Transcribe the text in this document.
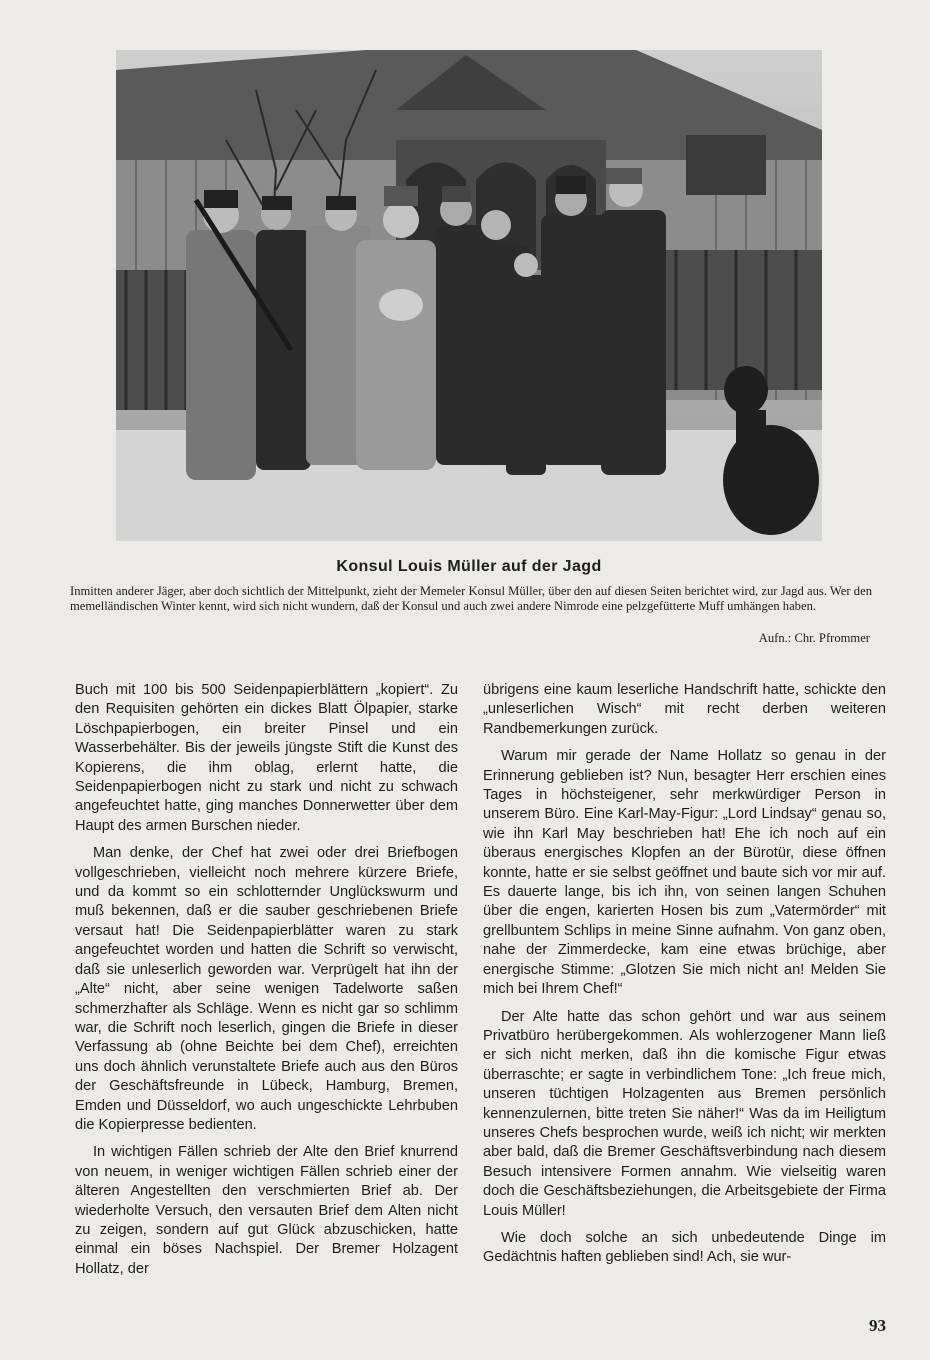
Konsul Louis Müller auf der Jagd
Inmitten anderer Jäger, aber doch sichtlich der Mittelpunkt, zieht der Memeler Konsul Müller, über den auf diesen Seiten berichtet wird, zur Jagd aus. Wer den memelländischen Winter kennt, wird sich nicht wundern, daß der Konsul und auch zwei andere Nimrode eine pelzgefütterte Muff umhängen haben.
Aufn.: Chr. Pfrommer

Buch mit 100 bis 500 Seidenpapierblättern „kopiert“. Zu den Requisiten gehörten ein dickes Blatt Ölpapier, starke Löschpapierbogen, ein breiter Pinsel und ein Wasserbehälter. Bis der jeweils jüngste Stift die Kunst des Kopierens, die ihm oblag, erlernt hatte, die Seidenpapierbogen nicht zu stark und nicht zu schwach angefeuchtet hatte, ging manches Donnerwetter über dem Haupt des armen Burschen nieder.

Man denke, der Chef hat zwei oder drei Briefbogen vollgeschrieben, vielleicht noch mehrere kürzere Briefe, und da kommt so ein schlotternder Unglückswurm und muß bekennen, daß er die sauber geschriebenen Briefe versaut hat! Die Seidenpapierblätter waren zu stark angefeuchtet worden und hatten die Schrift so verwischt, daß sie unleserlich geworden war. Verprügelt hat ihn der „Alte“ nicht, aber seine wenigen Tadelworte saßen schmerzhafter als Schläge. Wenn es nicht gar so schlimm war, die Schrift noch leserlich, gingen die Briefe in dieser Verfassung ab (ohne Beichte bei dem Chef), erreichten uns doch ähnlich verunstaltete Briefe auch aus den Büros der Geschäftsfreunde in Lübeck, Hamburg, Bremen, Emden und Düsseldorf, wo auch ungeschickte Lehrbuben die Kopierpresse bedienten.

In wichtigen Fällen schrieb der Alte den Brief knurrend von neuem, in weniger wichtigen Fällen schrieb einer der älteren Angestellten den verschmierten Brief ab. Der wiederholte Versuch, den versauten Brief dem Alten nicht zu zeigen, sondern auf gut Glück abzuschicken, hatte einmal ein böses Nachspiel. Der Bremer Holzagent Hollatz, der

übrigens eine kaum leserliche Handschrift hatte, schickte den „unleserlichen Wisch“ mit recht derben weiteren Randbemerkungen zurück.

Warum mir gerade der Name Hollatz so genau in der Erinnerung geblieben ist? Nun, besagter Herr erschien eines Tages in höchsteigener, sehr merkwürdiger Person in unserem Büro. Eine Karl-May-Figur: „Lord Lindsay“ genau so, wie ihn Karl May beschrieben hat! Ehe ich noch auf ein überaus energisches Klopfen an der Bürotür, diese öffnen konnte, hatte er sie selbst geöffnet und baute sich vor mir auf. Es dauerte lange, bis ich ihn, von seinen langen Schuhen über die engen, karierten Hosen bis zum „Vatermörder“ mit grellbuntem Schlips in meine Sinne aufnahm. Von ganz oben, nahe der Zimmerdecke, kam eine etwas brüchige, aber energische Stimme: „Glotzen Sie mich nicht an! Melden Sie mich bei Ihrem Chef!“

Der Alte hatte das schon gehört und war aus seinem Privatbüro herübergekommen. Als wohlerzogener Mann ließ er sich nicht merken, daß ihn die komische Figur etwas überraschte; er sagte in verbindlichem Tone: „Ich freue mich, unseren tüchtigen Holzagenten aus Bremen persönlich kennenzulernen, bitte treten Sie näher!“ Was da im Heiligtum unseres Chefs besprochen wurde, weiß ich nicht; wir merkten aber bald, daß die Bremer Geschäftsverbindung nach diesem Besuch intensivere Formen annahm. Wie vielseitig waren doch die Geschäftsbeziehungen, die Arbeitsgebiete der Firma Louis Müller!

Wie doch solche an sich unbedeutende Dinge im Gedächtnis haften geblieben sind! Ach, sie wur-

93
